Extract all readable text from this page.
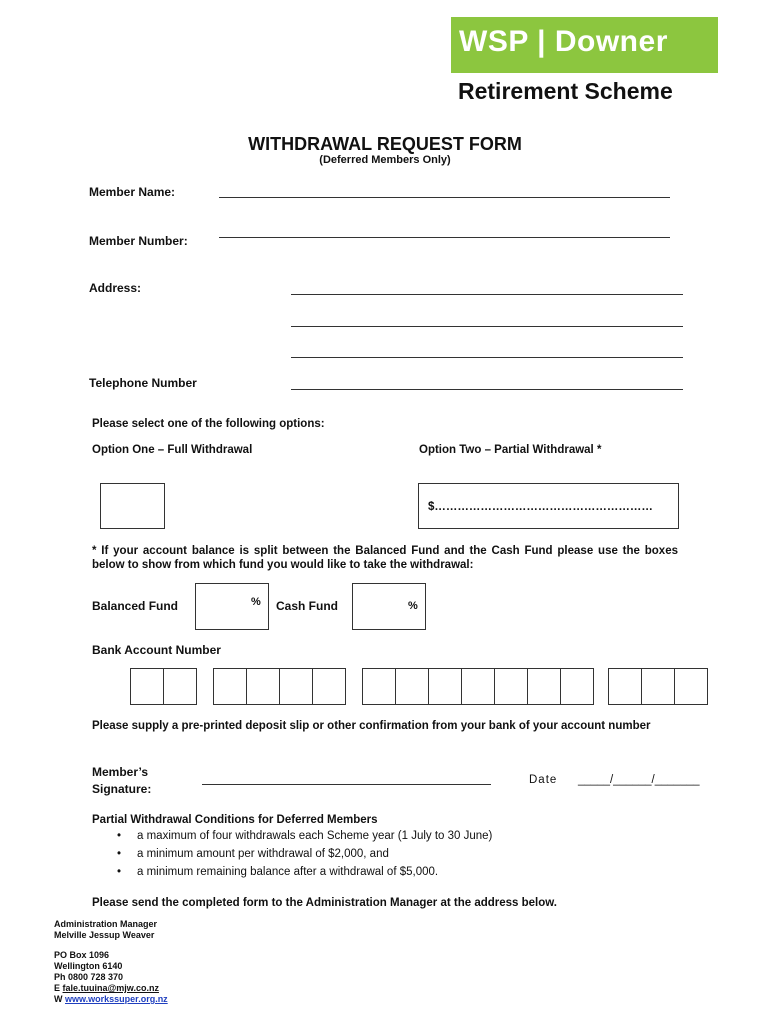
WSP | Downer
Retirement Scheme
WITHDRAWAL REQUEST FORM
(Deferred Members Only)
Member Name:
Member Number:
Address:
Telephone Number
Please select one of the following options:
Option One – Full Withdrawal	Option Two – Partial Withdrawal *
$…………………………………………………
* If your account balance is split between the Balanced Fund and the Cash Fund please use the boxes below to show from which fund you would like to take the withdrawal:
Balanced Fund	% Cash Fund	%
Bank Account Number
Please supply a pre-printed deposit slip or other confirmation from your bank of your account number
Member’s
Signature:
Date _____/______/_______
Partial Withdrawal Conditions for Deferred Members
• a maximum of four withdrawals each Scheme year (1 July to 30 June)
• a minimum amount per withdrawal of $2,000, and
• a minimum remaining balance after a withdrawal of $5,000.
Please send the completed form to the Administration Manager at the address below.
Administration Manager
Melville Jessup Weaver
PO Box 1096
Wellington 6140
Ph 0800 728 370
E fale.tuuina@mjw.co.nz
W www.workssuper.org.nz
